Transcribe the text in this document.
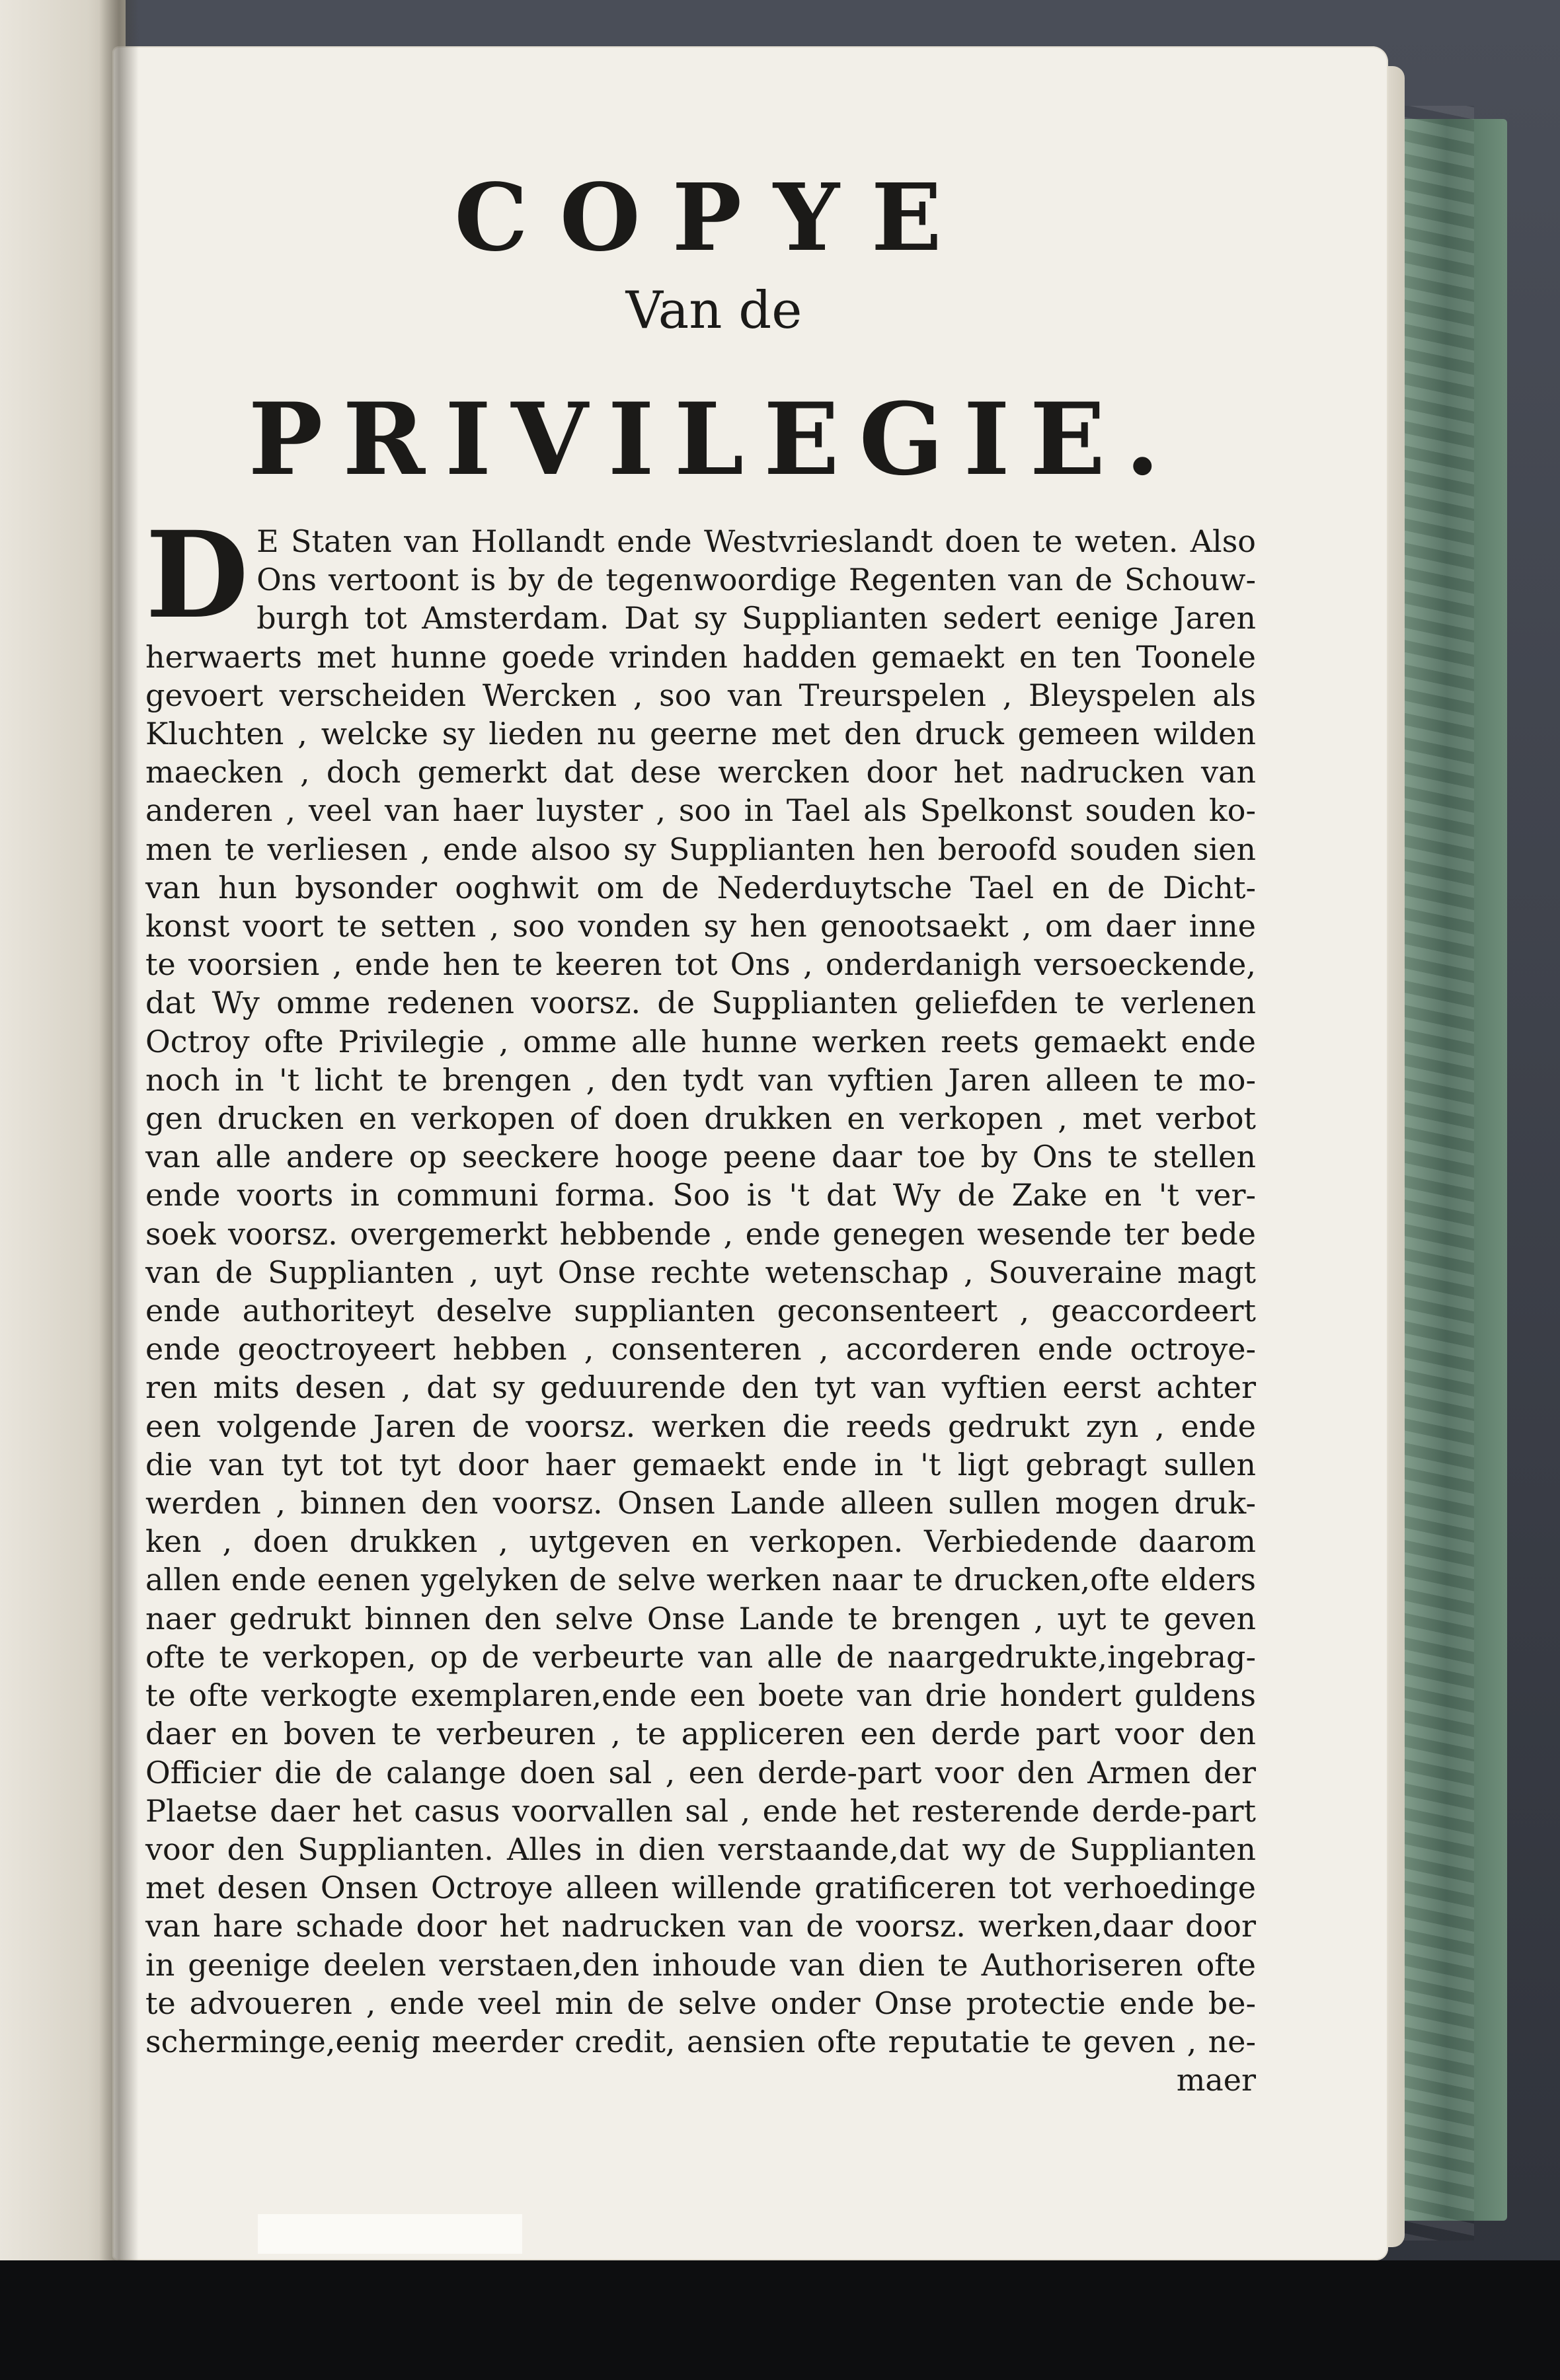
COPYE
Van de
PRIVILEGIE.
D E Staten van Hollandt ende Westvrieslandt doen te weten. Also
Ons vertoont is by de tegenwoordige Regenten van de Schouw-
burgh tot Amsterdam. Dat sy Supplianten sedert eenige Jaren
herwaerts met hunne goede vrinden hadden gemaekt en ten Toonele
gevoert verscheiden Wercken , soo van Treurspelen , Bleyspelen als
Kluchten , welcke sy lieden nu geerne met den druck gemeen wilden
maecken , doch gemerkt dat dese wercken door het nadrucken van
anderen , veel van haer luyster , soo in Tael als Spelkonst souden ko-
men te verliesen , ende alsoo sy Supplianten hen beroofd souden sien
van hun bysonder ooghwit om de Nederduytsche Tael en de Dicht-
konst voort te setten , soo vonden sy hen genootsaekt , om daer inne
te voorsien , ende hen te keeren tot Ons , onderdanigh versoeckende,
dat Wy omme redenen voorsz. de Supplianten geliefden te verlenen
Octroy ofte Privilegie , omme alle hunne werken reets gemaekt ende
noch in 't licht te brengen , den tydt van vyftien Jaren alleen te mo-
gen drucken en verkopen of doen drukken en verkopen , met verbot
van alle andere op seeckere hooge peene daar toe by Ons te stellen
ende voorts in communi forma. Soo is 't dat Wy de Zake en 't ver-
soek voorsz. overgemerkt hebbende , ende genegen wesende ter bede
van de Supplianten , uyt Onse rechte wetenschap , Souveraine magt
ende authoriteyt deselve supplianten geconsenteert , geaccordeert
ende geoctroyeert hebben , consenteren , accorderen ende octroye-
ren mits desen , dat sy geduurende den tyt van vyftien eerst achter
een volgende Jaren de voorsz. werken die reeds gedrukt zyn , ende
die van tyt tot tyt door haer gemaekt ende in 't ligt gebragt sullen
werden , binnen den voorsz. Onsen Lande alleen sullen mogen druk-
ken , doen drukken , uytgeven en verkopen. Verbiedende daarom
allen ende eenen ygelyken de selve werken naar te drucken,ofte elders
naer gedrukt binnen den selve Onse Lande te brengen , uyt te geven
ofte te verkopen, op de verbeurte van alle de naargedrukte,ingebrag-
te ofte verkogte exemplaren,ende een boete van drie hondert guldens
daer en boven te verbeuren , te appliceren een derde part voor den
Officier die de calange doen sal , een derde-part voor den Armen der
Plaetse daer het casus voorvallen sal , ende het resterende derde-part
voor den Supplianten. Alles in dien verstaande,dat wy de Supplianten
met desen Onsen Octroye alleen willende gratificeren tot verhoedinge
van hare schade door het nadrucken van de voorsz. werken,daar door
in geenige deelen verstaen,den inhoude van dien te Authoriseren ofte
te advoueren , ende veel min de selve onder Onse protectie ende be-
scherminge,eenig meerder credit, aensien ofte reputatie te geven , ne-
maer
